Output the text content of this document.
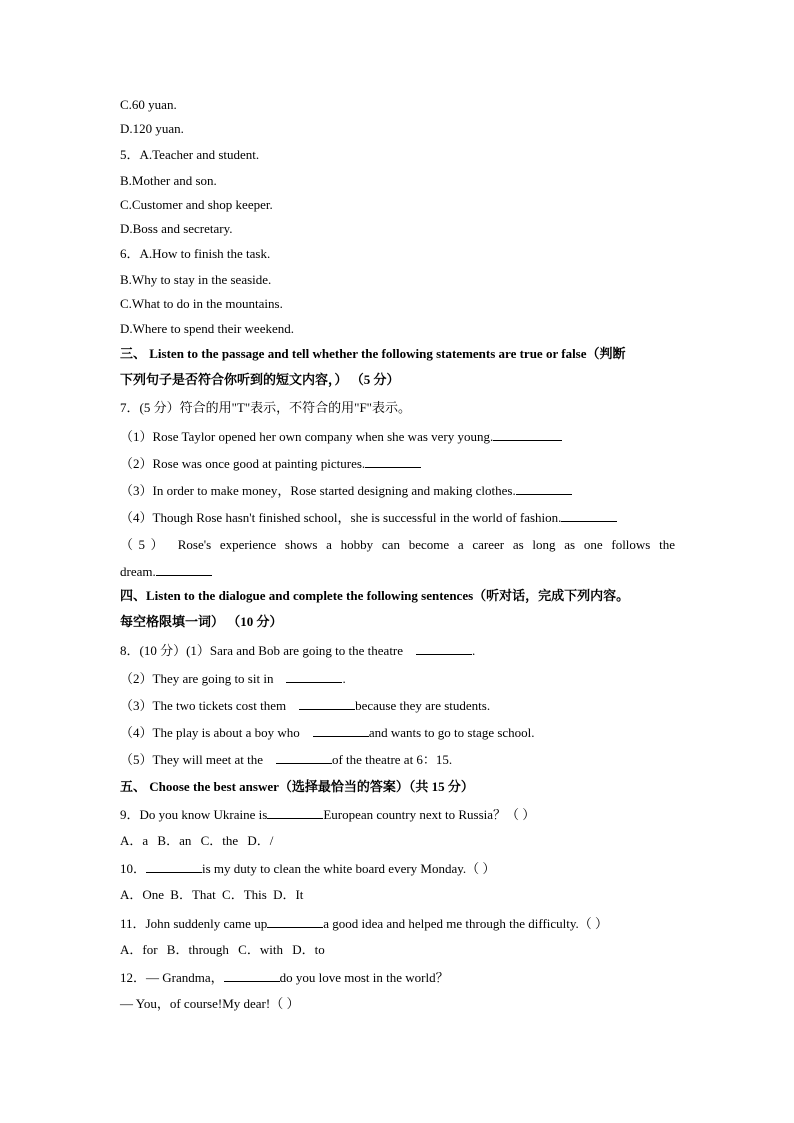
C.60 yuan.
D.120 yuan.
5．A.Teacher and student.
B.Mother and son.
C.Customer and shop keeper.
D.Boss and secretary.
6．A.How to finish the task.
B.Why to stay in the seaside.
C.What to do in the mountains.
D.Where to spend their weekend.
三、 Listen to the passage and tell whether the following statements are true or false（判断
下列句子是否符合你听到的短文内容，） （5 分）
7．(5 分）符合的用"T"表示，不符合的用"F"表示。
（1）Rose Taylor opened her own company when she was very young.
（2）Rose was once good at painting pictures.
（3）In order to make money，Rose started designing and making clothes.
（4）Though Rose hasn't finished school，she is successful in the world of fashion.
（5） Rose's experience shows a hobby can become a career as long as one follows the
dream.
四、Listen to the dialogue and complete the following sentences（听对话，完成下列内容。
每空格限填一词） （10 分）
8．(10 分）(1）Sara and Bob are going to the theatre	.
（2）They are going to sit in	.
（3）The two tickets cost them	because they are students.
（4）The play is about a boy who	and wants to go to stage school.
（5）They will meet at the	of the theatre at 6：15.
五、 Choose the best answer（选择最恰当的答案）（共 15 分）
9．Do you know Ukraine is	European country next to Russia？（ ）
A．a B．an C．the D．/
10．	is my duty to clean the white board every Monday.（ ）
A．One B．That C．This D．It
11．John suddenly came up	a good idea and helped me through the difficulty.（ ）
A．for B．through C．with D．to
12．— Grandma，	do you love most in the world？
— You，of course!My dear!（ ）
